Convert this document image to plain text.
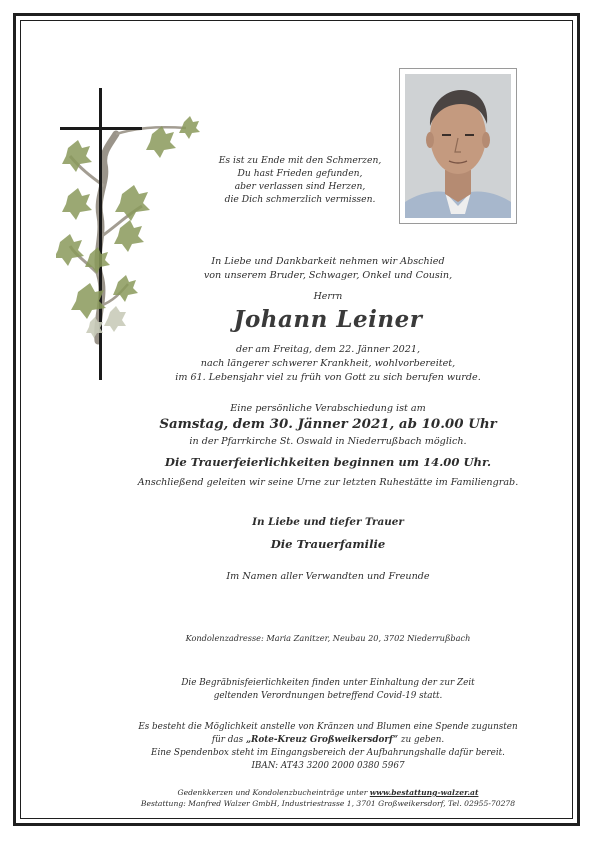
Es ist zu Ende mit den Schmerzen,
Du hast Frieden gefunden,
aber verlassen sind Herzen,
die Dich schmerzlich vermissen.
In Liebe und Dankbarkeit nehmen wir Abschied
von unserem Bruder, Schwager, Onkel und Cousin,
Herrn
Johann Leiner
der am Freitag, dem 22. Jänner 2021,
nach längerer schwerer Krankheit, wohlvorbereitet,
im 61. Lebensjahr viel zu früh von Gott zu sich berufen wurde.
Eine persönliche Verabschiedung ist am
Samstag, dem 30. Jänner 2021, ab 10.00 Uhr
in der Pfarrkirche St. Oswald in Niederrußbach möglich.
Die Trauerfeierlichkeiten beginnen um 14.00 Uhr.
Anschließend geleiten wir seine Urne zur letzten Ruhestätte im Familiengrab.
In Liebe und tiefer Trauer
Die Trauerfamilie
Im Namen aller Verwandten und Freunde
Kondolenzadresse: Maria Zanitzer, Neubau 20, 3702 Niederrußbach
Die Begräbnisfeierlichkeiten finden unter Einhaltung der zur Zeit
geltenden Verordnungen betreffend Covid-19 statt.
Es besteht die Möglichkeit anstelle von Kränzen und Blumen eine Spende zugunsten
für das „Rote-Kreuz Großweikersdorf“ zu geben.
Eine Spendenbox steht im Eingangsbereich der Aufbahrungshalle dafür bereit.
IBAN: AT43 3200 2000 0380 5967
Gedenkkerzen und Kondolenzbucheinträge unter www.bestattung-walzer.at
Bestattung: Manfred Walzer GmbH, Industriestrasse 1, 3701 Großweikersdorf, Tel. 02955-70278
